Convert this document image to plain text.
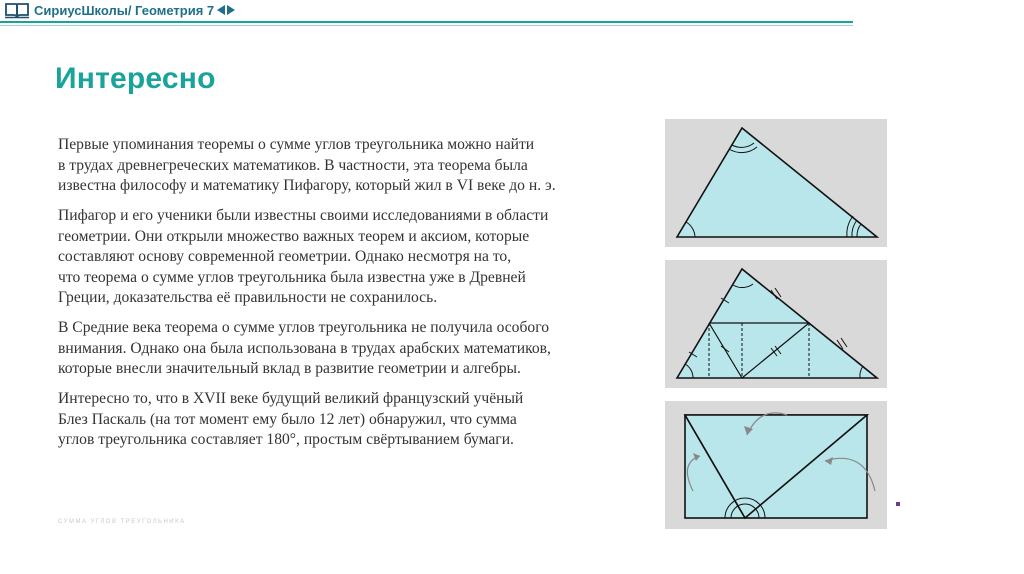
СириусШколы/ Геометрия 7
Интересно

Первые упоминания теоремы о сумме углов треугольника можно найти
в трудах древнегреческих математиков. В частности, эта теорема была
известна философу и математику Пифагору, который жил в VI веке до н. э.

Пифагор и его ученики были известны своими исследованиями в области
геометрии. Они открыли множество важных теорем и аксиом, которые
составляют основу современной геометрии. Однако несмотря на то,
что теорема о сумме углов треугольника была известна уже в Древней
Греции, доказательства её правильности не сохранилось.

В Средние века теорема о сумме углов треугольника не получила особого
внимания. Однако она была использована в трудах арабских математиков,
которые внесли значительный вклад в развитие геометрии и алгебры.

Интересно то, что в XVII веке будущий великий французский учёный
Блез Паскаль (на тот момент ему было 12 лет) обнаружил, что сумма
углов треугольника составляет 180°, простым свёртыванием бумаги.

СУММА УГЛОВ ТРЕУГОЛЬНИКА
